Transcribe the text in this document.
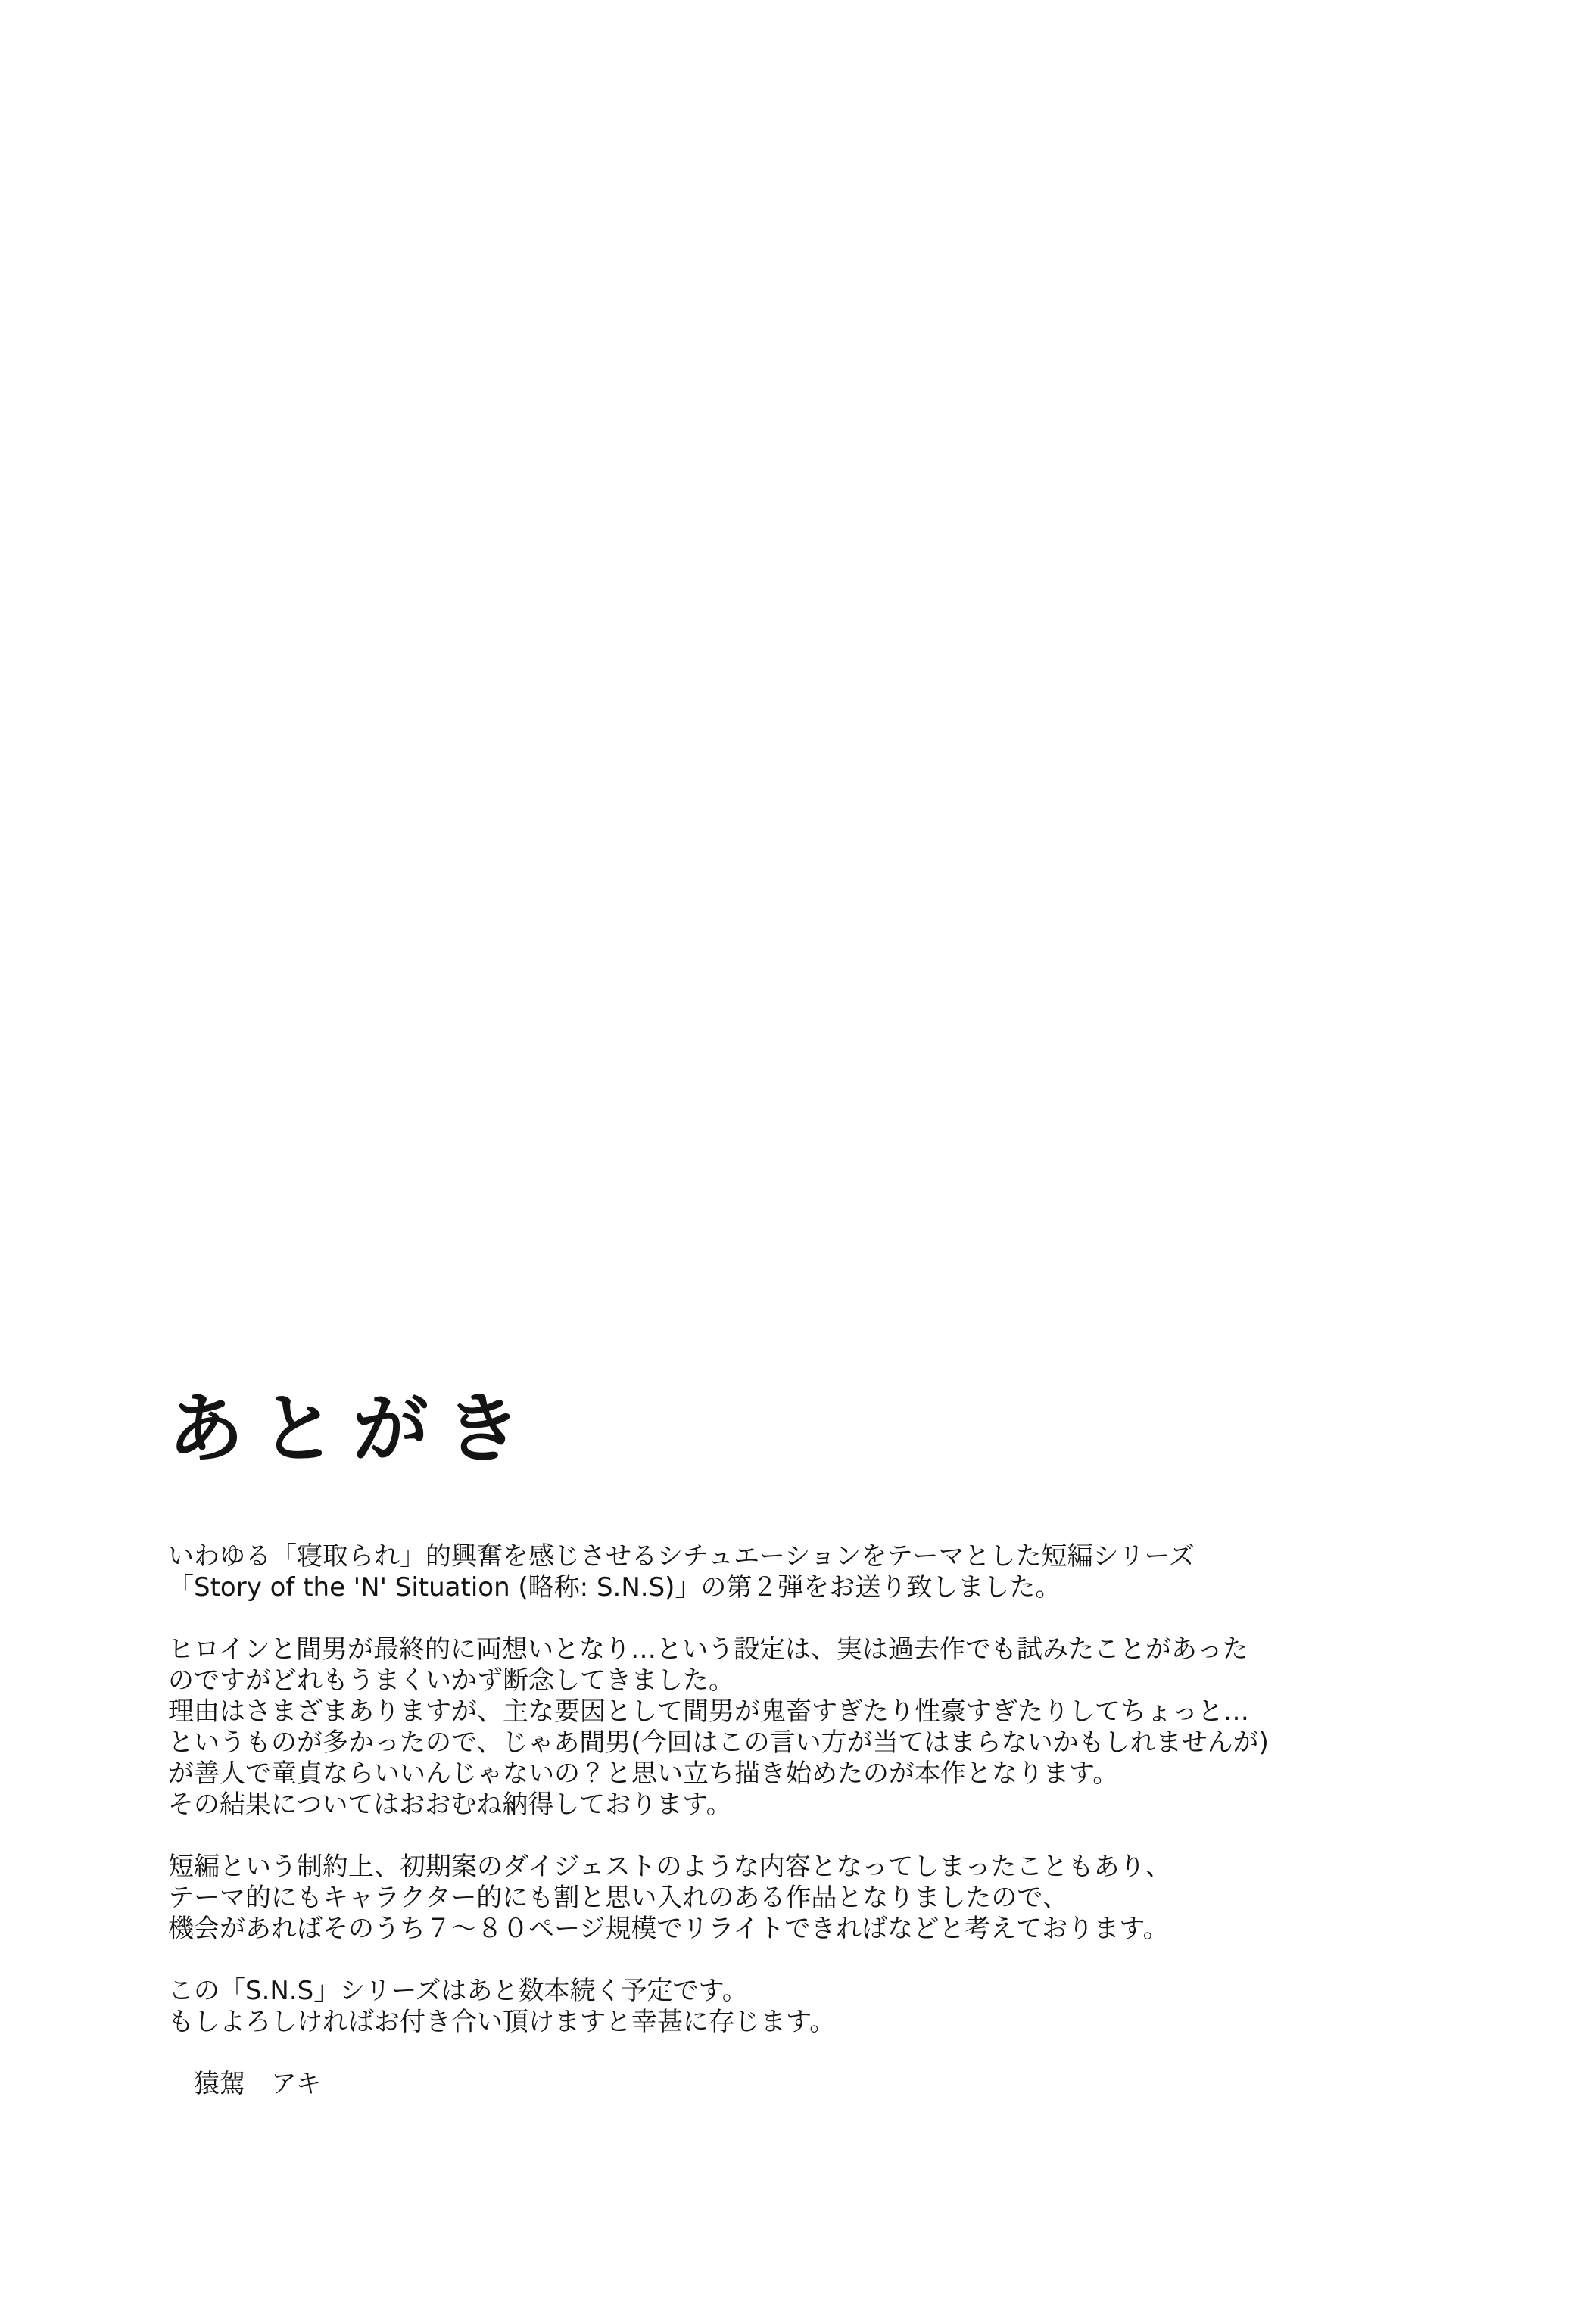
あとがき

いわゆる「寝取られ」的興奮を感じさせるシチュエーションをテーマとした短編シリーズ
「Story of the 'N' Situation (略称: S.N.S)」の第２弾をお送り致しました。

ヒロインと間男が最終的に両想いとなり…という設定は、実は過去作でも試みたことがあった
のですがどれもうまくいかず断念してきました。
理由はさまざまありますが、主な要因として間男が鬼畜すぎたり性豪すぎたりしてちょっと…
というものが多かったので、じゃあ間男(今回はこの言い方が当てはまらないかもしれませんが)
が善人で童貞ならいいんじゃないの？と思い立ち描き始めたのが本作となります。
その結果についてはおおむね納得しております。

短編という制約上、初期案のダイジェストのような内容となってしまったこともあり、
テーマ的にもキャラクター的にも割と思い入れのある作品となりましたので、
機会があればそのうち７～８０ページ規模でリライトできればなどと考えております。

この「S.N.S」シリーズはあと数本続く予定です。
もしよろしければお付き合い頂けますと幸甚に存じます。

猿駕　アキ
